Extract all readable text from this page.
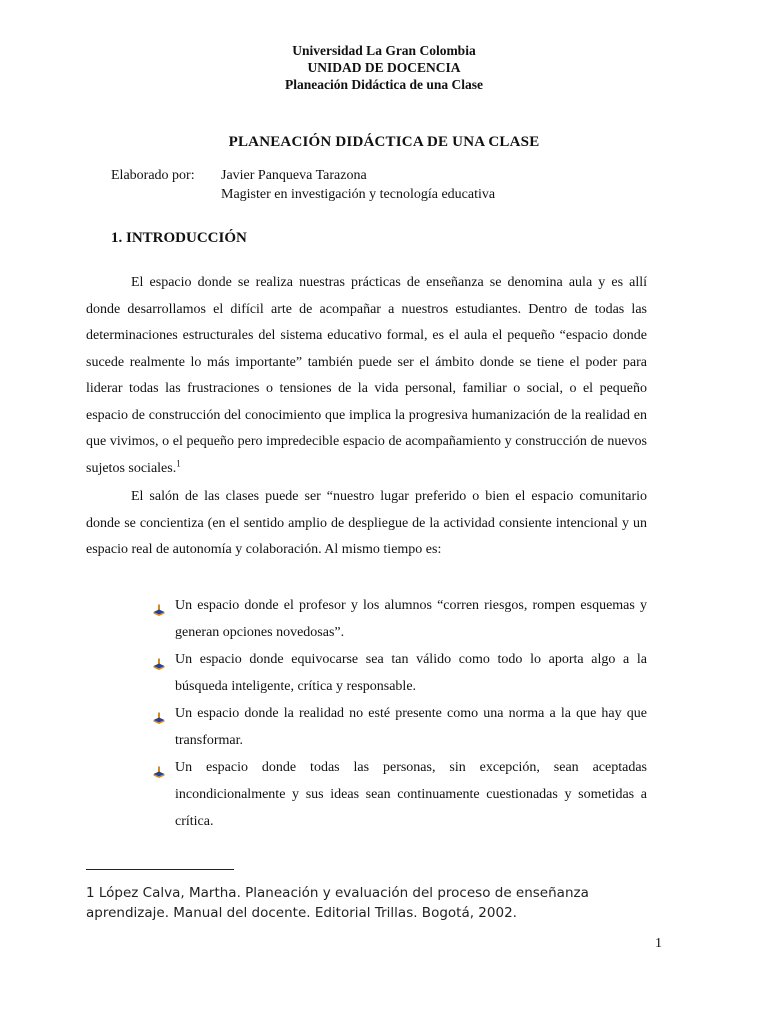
Universidad La Gran Colombia
UNIDAD DE DOCENCIA
Planeación Didáctica de una Clase
PLANEACIÓN DIDÁCTICA DE UNA CLASE
Elaborado por:	Javier Panqueva Tarazona
Magister en investigación y tecnología educativa
1. INTRODUCCIÓN

El espacio donde se realiza nuestras prácticas de enseñanza se denomina aula y es allí donde desarrollamos el difícil arte de acompañar a nuestros estudiantes. Dentro de todas las determinaciones estructurales del sistema educativo formal, es el aula el pequeño “espacio donde sucede realmente lo más importante” también puede ser el ámbito donde se tiene el poder para liderar todas las frustraciones o tensiones de la vida personal, familiar o social, o el pequeño espacio de construcción del conocimiento que implica la progresiva humanización de la realidad en que vivimos, o el pequeño pero impredecible espacio de acompañamiento y construcción de nuevos sujetos sociales.$^1$

El salón de las clases puede ser “nuestro lugar preferido o bien el espacio comunitario donde se concientiza (en el sentido amplio de despliegue de la actividad consiente intencional y un espacio real de autonomía y colaboración. Al mismo tiempo es:

Un espacio donde el profesor y los alumnos “corren riesgos, rompen esquemas y generan opciones novedosas”.
Un espacio donde equivocarse sea tan válido como todo lo aporta algo a la búsqueda inteligente, crítica y responsable.
Un espacio donde la realidad no esté presente como una norma a la que hay que transformar.
Un espacio donde todas las personas, sin excepción, sean aceptadas incondicionalmente y sus ideas sean continuamente cuestionadas y sometidas a crítica.
1 López Calva, Martha. Planeación y evaluación del proceso de enseñanza aprendizaje. Manual del docente. Editorial Trillas. Bogotá, 2002.
1
